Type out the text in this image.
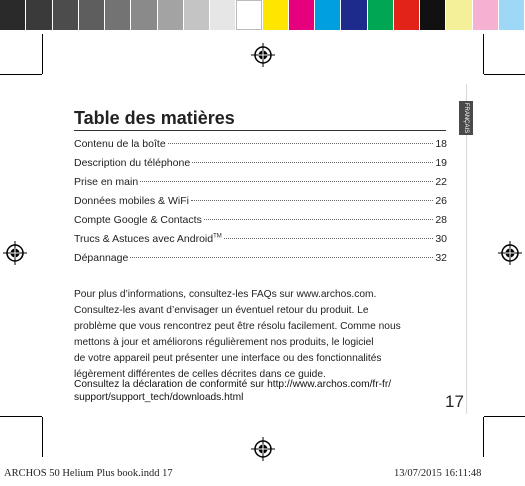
FRANÇAIS
Table des matières
Contenu de la boîte	18
Description du téléphone	19
Prise en main	22
Données mobiles & WiFi	26
Compte Google & Contacts	28
Trucs & Astuces avec Android™	30
Dépannage	32

Pour plus d’informations, consultez-les FAQs sur www.archos.com.

Consultez-les avant d’envisager un éventuel retour du produit. Le

problème que vous rencontrez peut être résolu facilement. Comme nous

mettons à jour et améliorons régulièrement nos produits, le logiciel

de votre appareil peut présenter une interface ou des fonctionnalités

légèrement différentes de celles décrites dans ce guide.

Consultez la déclaration de conformité sur http://www.archos.com/fr-fr/
support/support_tech/downloads.html	17
ARCHOS 50 Helium Plus book.indd 17	13/07/2015 16:11:48
